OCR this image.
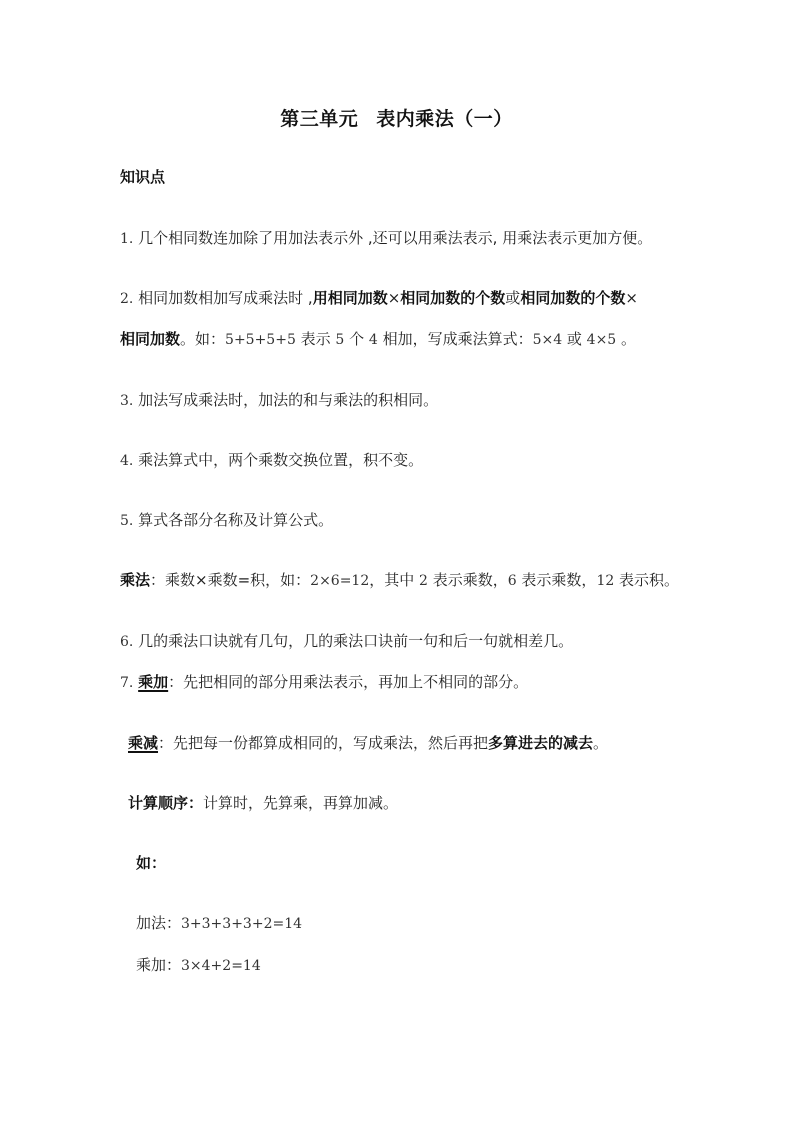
第三单元 表内乘法（一）
知识点
1. 几个相同数连加除了用加法表示外 ,还可以用乘法表示, 用乘法表示更加方便。
2. 相同加数相加写成乘法时 ,用相同加数×相同加数的个数或相同加数的个数×
相同加数。如：5+5+5+5 表示 5 个 4 相加，写成乘法算式：5×4 或 4×5 。
3. 加法写成乘法时，加法的和与乘法的积相同。
4. 乘法算式中，两个乘数交换位置，积不变。
5. 算式各部分名称及计算公式。
乘法：乘数×乘数=积，如：2×6=12，其中 2 表示乘数，6 表示乘数，12 表示积。
6. 几的乘法口诀就有几句，几的乘法口诀前一句和后一句就相差几。
7. 乘加：先把相同的部分用乘法表示，再加上不相同的部分。
乘减：先把每一份都算成相同的，写成乘法，然后再把多算进去的减去。
计算顺序：计算时，先算乘，再算加减。
如：
加法：3+3+3+3+2=14
乘加：3×4+2=14
